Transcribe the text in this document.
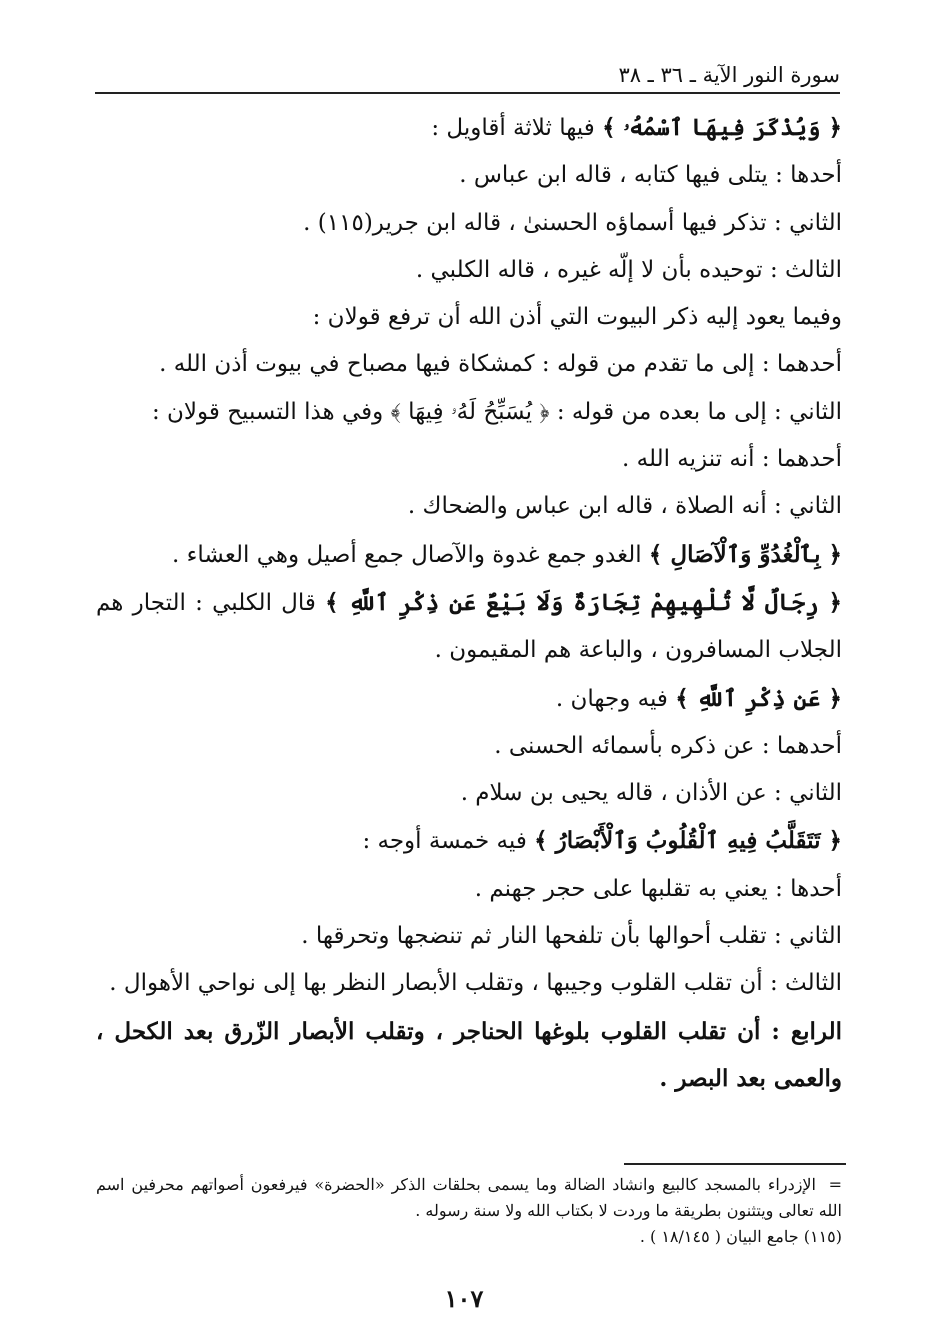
سورة النور الآية ـ ٣٦ ـ ٣٨

﴿ وَيُذْكَرَ فِيهَا ٱسْمُهُۥ ﴾ فيها ثلاثة أقاويل :

أحدها : يتلى فيها كتابه ، قاله ابن عباس .

الثاني : تذكر فيها أسماؤه الحسنىٰ ، قاله ابن جرير(١١٥) .

الثالث : توحيده بأن لا إلّه غيره ، قاله الكلبي .

وفيما يعود إليه ذكر البيوت التي أذن الله أن ترفع قولان :

أحدهما : إلى ما تقدم من قوله : كمشكاة فيها مصباح في بيوت أذن الله .

الثاني : إلى ما بعده من قوله : ﴿ يُسَبِّحُ لَهُۥ فِيهَا ﴾ وفي هذا التسبيح قولان :

أحدهما : أنه تنزيه الله .

الثاني : أنه الصلاة ، قاله ابن عباس والضحاك .

﴿ بِٱلْغُدُوِّ وَٱلْآصَالِ ﴾ الغدو جمع غدوة والآصال جمع أصيل وهي العشاء .

﴿ رِجَالٌ لَّا تُلْهِيهِمْ تِجَارَةٌ وَلَا بَيْعٌ عَن ذِكْرِ ٱللَّهِ ﴾ قال الكلبي : التجار هم الجلاب المسافرون ، والباعة هم المقيمون .

﴿ عَن ذِكْرِ ٱللَّهِ ﴾ فيه وجهان .

أحدهما : عن ذكره بأسمائه الحسنى .

الثاني : عن الأذان ، قاله يحيى بن سلام .

﴿ تَتَقَلَّبُ فِيهِ ٱلْقُلُوبُ وَٱلْأَبْصَارُ ﴾ فيه خمسة أوجه :

أحدها : يعني به تقلبها على حجر جهنم .

الثاني : تقلب أحوالها بأن تلفحها النار ثم تنضجها وتحرقها .

الثالث : أن تقلب القلوب وجيبها ، وتقلب الأبصار النظر بها إلى نواحي الأهوال .

الرابع : أن تقلب القلوب بلوغها الحناجر ، وتقلب الأبصار الزّرق بعد الكحل ، والعمى بعد البصر .

=الإزدراء بالمسجد كالبيع وانشاد الضالة وما يسمى بحلقات الذكر «الحضرة» فيرفعون أصواتهم محرفين اسم الله تعالى ويتثنون بطريقة ما وردت لا بكتاب الله ولا سنة رسوله .

(١١٥) جامع البيان ( ١٨/١٤٥ ) .

١٠٧
